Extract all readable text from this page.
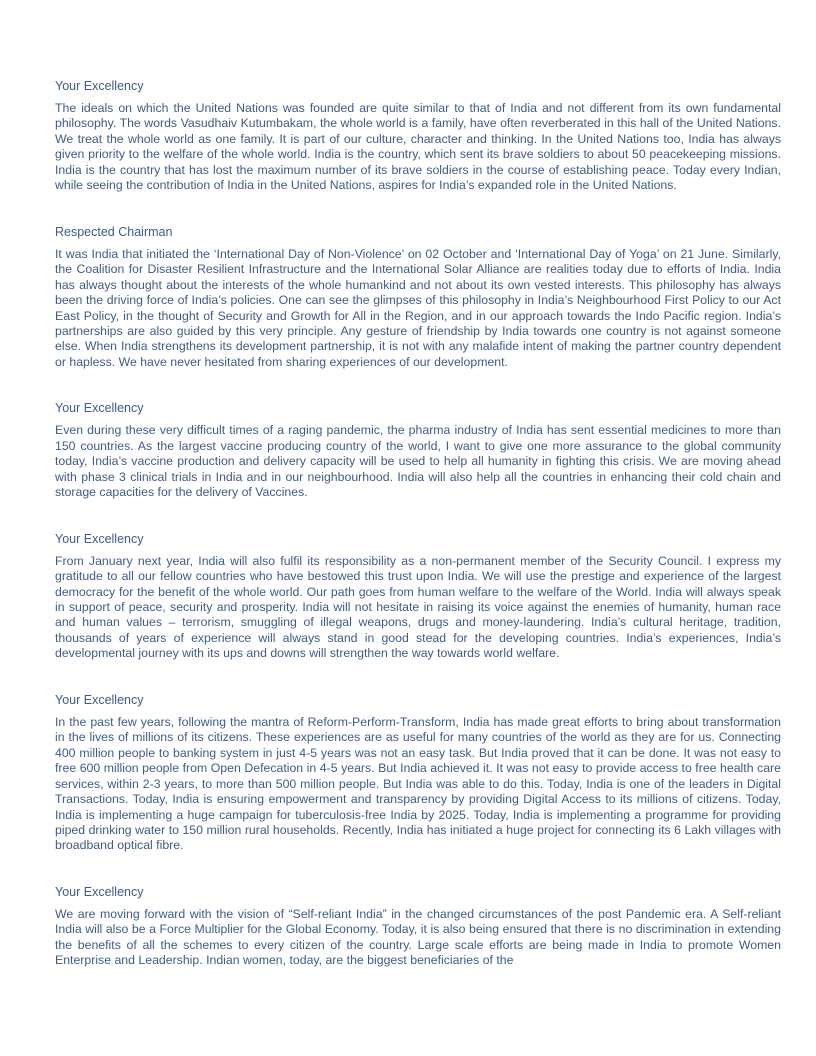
Your Excellency

The ideals on which the United Nations was founded are quite similar to that of India and not different from its own fundamental philosophy. The words Vasudhaiv Kutumbakam, the whole world is a family, have often reverberated in this hall of the United Nations. We treat the whole world as one family. It is part of our culture, character and thinking. In the United Nations too, India has always given priority to the welfare of the whole world. India is the country, which sent its brave soldiers to about 50 peacekeeping missions. India is the country that has lost the maximum number of its brave soldiers in the course of establishing peace. Today every Indian, while seeing the contribution of India in the United Nations, aspires for India’s expanded role in the United Nations.

Respected Chairman

It was India that initiated the ‘International Day of Non-Violence’ on 02 October and ‘International Day of Yoga’ on 21 June. Similarly, the Coalition for Disaster Resilient Infrastructure and the International Solar Alliance are realities today due to efforts of India. India has always thought about the interests of the whole humankind and not about its own vested interests. This philosophy has always been the driving force of India’s policies. One can see the glimpses of this philosophy in India’s Neighbourhood First Policy to our Act East Policy, in the thought of Security and Growth for All in the Region, and in our approach towards the Indo Pacific region. India’s partnerships are also guided by this very principle. Any gesture of friendship by India towards one country is not against someone else. When India strengthens its development partnership, it is not with any malafide intent of making the partner country dependent or hapless. We have never hesitated from sharing experiences of our development.

Your Excellency

Even during these very difficult times of a raging pandemic, the pharma industry of India has sent essential medicines to more than 150 countries. As the largest vaccine producing country of the world, I want to give one more assurance to the global community today, India’s vaccine production and delivery capacity will be used to help all humanity in fighting this crisis. We are moving ahead with phase 3 clinical trials in India and in our neighbourhood. India will also help all the countries in enhancing their cold chain and storage capacities for the delivery of Vaccines.

Your Excellency

From January next year, India will also fulfil its responsibility as a non-permanent member of the Security Council. I express my gratitude to all our fellow countries who have bestowed this trust upon India. We will use the prestige and experience of the largest democracy for the benefit of the whole world. Our path goes from human welfare to the welfare of the World. India will always speak in support of peace, security and prosperity. India will not hesitate in raising its voice against the enemies of humanity, human race and human values – terrorism, smuggling of illegal weapons, drugs and money-laundering. India’s cultural heritage, tradition, thousands of years of experience will always stand in good stead for the developing countries. India’s experiences, India’s developmental journey with its ups and downs will strengthen the way towards world welfare.

Your Excellency

In the past few years, following the mantra of Reform-Perform-Transform, India has made great efforts to bring about transformation in the lives of millions of its citizens. These experiences are as useful for many countries of the world as they are for us. Connecting 400 million people to banking system in just 4-5 years was not an easy task. But India proved that it can be done. It was not easy to free 600 million people from Open Defecation in 4-5 years. But India achieved it. It was not easy to provide access to free health care services, within 2-3 years, to more than 500 million people. But India was able to do this. Today, India is one of the leaders in Digital Transactions. Today, India is ensuring empowerment and transparency by providing Digital Access to its millions of citizens. Today, India is implementing a huge campaign for tuberculosis-free India by 2025. Today, India is implementing a programme for providing piped drinking water to 150 million rural households. Recently, India has initiated a huge project for connecting its 6 Lakh villages with broadband optical fibre.

Your Excellency

We are moving forward with the vision of “Self-reliant India” in the changed circumstances of the post Pandemic era. A Self-reliant India will also be a Force Multiplier for the Global Economy. Today, it is also being ensured that there is no discrimination in extending the benefits of all the schemes to every citizen of the country. Large scale efforts are being made in India to promote Women Enterprise and Leadership. Indian women, today, are the biggest beneficiaries of the
